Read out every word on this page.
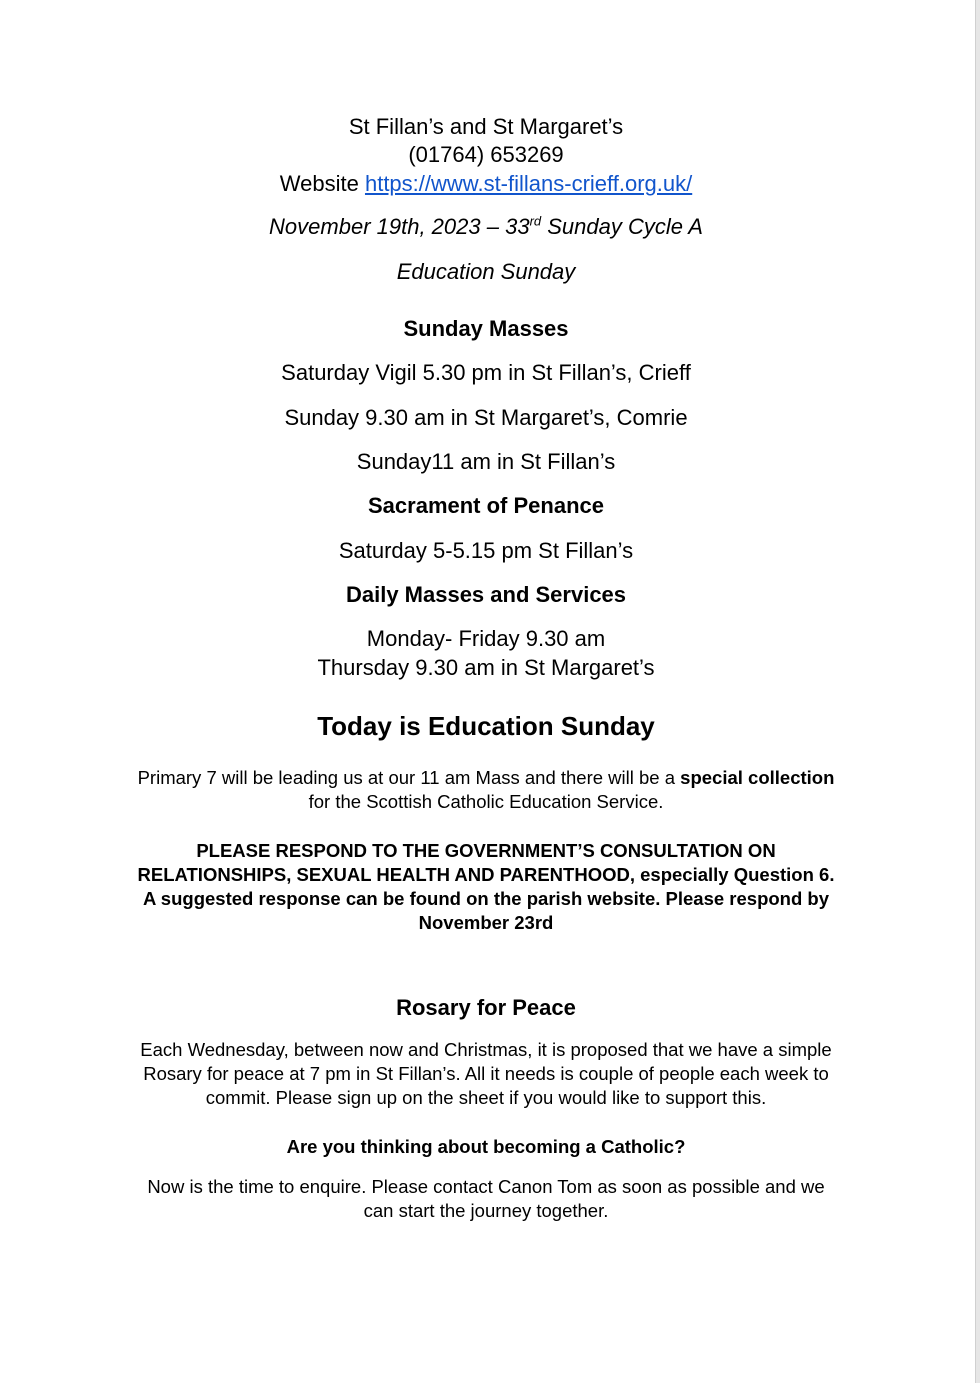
St Fillan’s and St Margaret’s
(01764) 653269
Website https://www.st-fillans-crieff.org.uk/
November 19th, 2023 – 33rd Sunday Cycle A
Education Sunday
Sunday Masses
Saturday Vigil 5.30 pm in St Fillan’s, Crieff
Sunday 9.30 am in St Margaret’s, Comrie
Sunday11 am in St Fillan’s
Sacrament of Penance
Saturday 5-5.15 pm St Fillan’s
Daily Masses and Services
Monday- Friday 9.30 am
Thursday 9.30 am in St Margaret’s
Today is Education Sunday
Primary 7 will be leading us at our 11 am Mass and there will be a special collection
for the Scottish Catholic Education Service.
PLEASE RESPOND TO THE GOVERNMENT’S CONSULTATION ON
RELATIONSHIPS, SEXUAL HEALTH AND PARENTHOOD, especially Question 6.
A suggested response can be found on the parish website. Please respond by
November 23rd
Rosary for Peace
Each Wednesday, between now and Christmas, it is proposed that we have a simple
Rosary for peace at 7 pm in St Fillan’s. All it needs is couple of people each week to
commit. Please sign up on the sheet if you would like to support this.
Are you thinking about becoming a Catholic?
Now is the time to enquire. Please contact Canon Tom as soon as possible and we
can start the journey together.
